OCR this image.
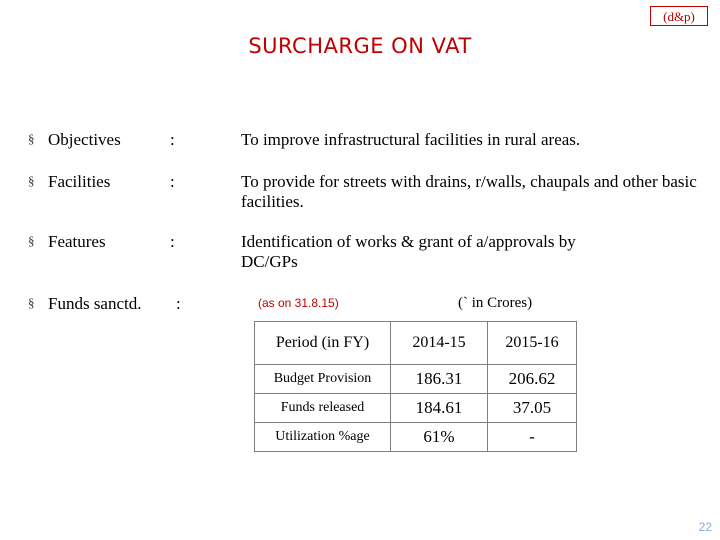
(d&p)
SURCHARGE ON VAT
§ Objectives	:	To improve infrastructural facilities in rural areas.
§ Facilities	:	To provide for streets with drains, r/walls, chaupals and other basic facilities.
§ Features	:	Identification of works & grant of a/approvals by DC/GPs
§ Funds sanctd. :	(as on 31.8.15)	(` in Crores)
Period (in FY)	2014-15	2015-16
Budget Provision	186.31	206.62
Funds released	184.61	37.05
Utilization %age	61%	-
22
